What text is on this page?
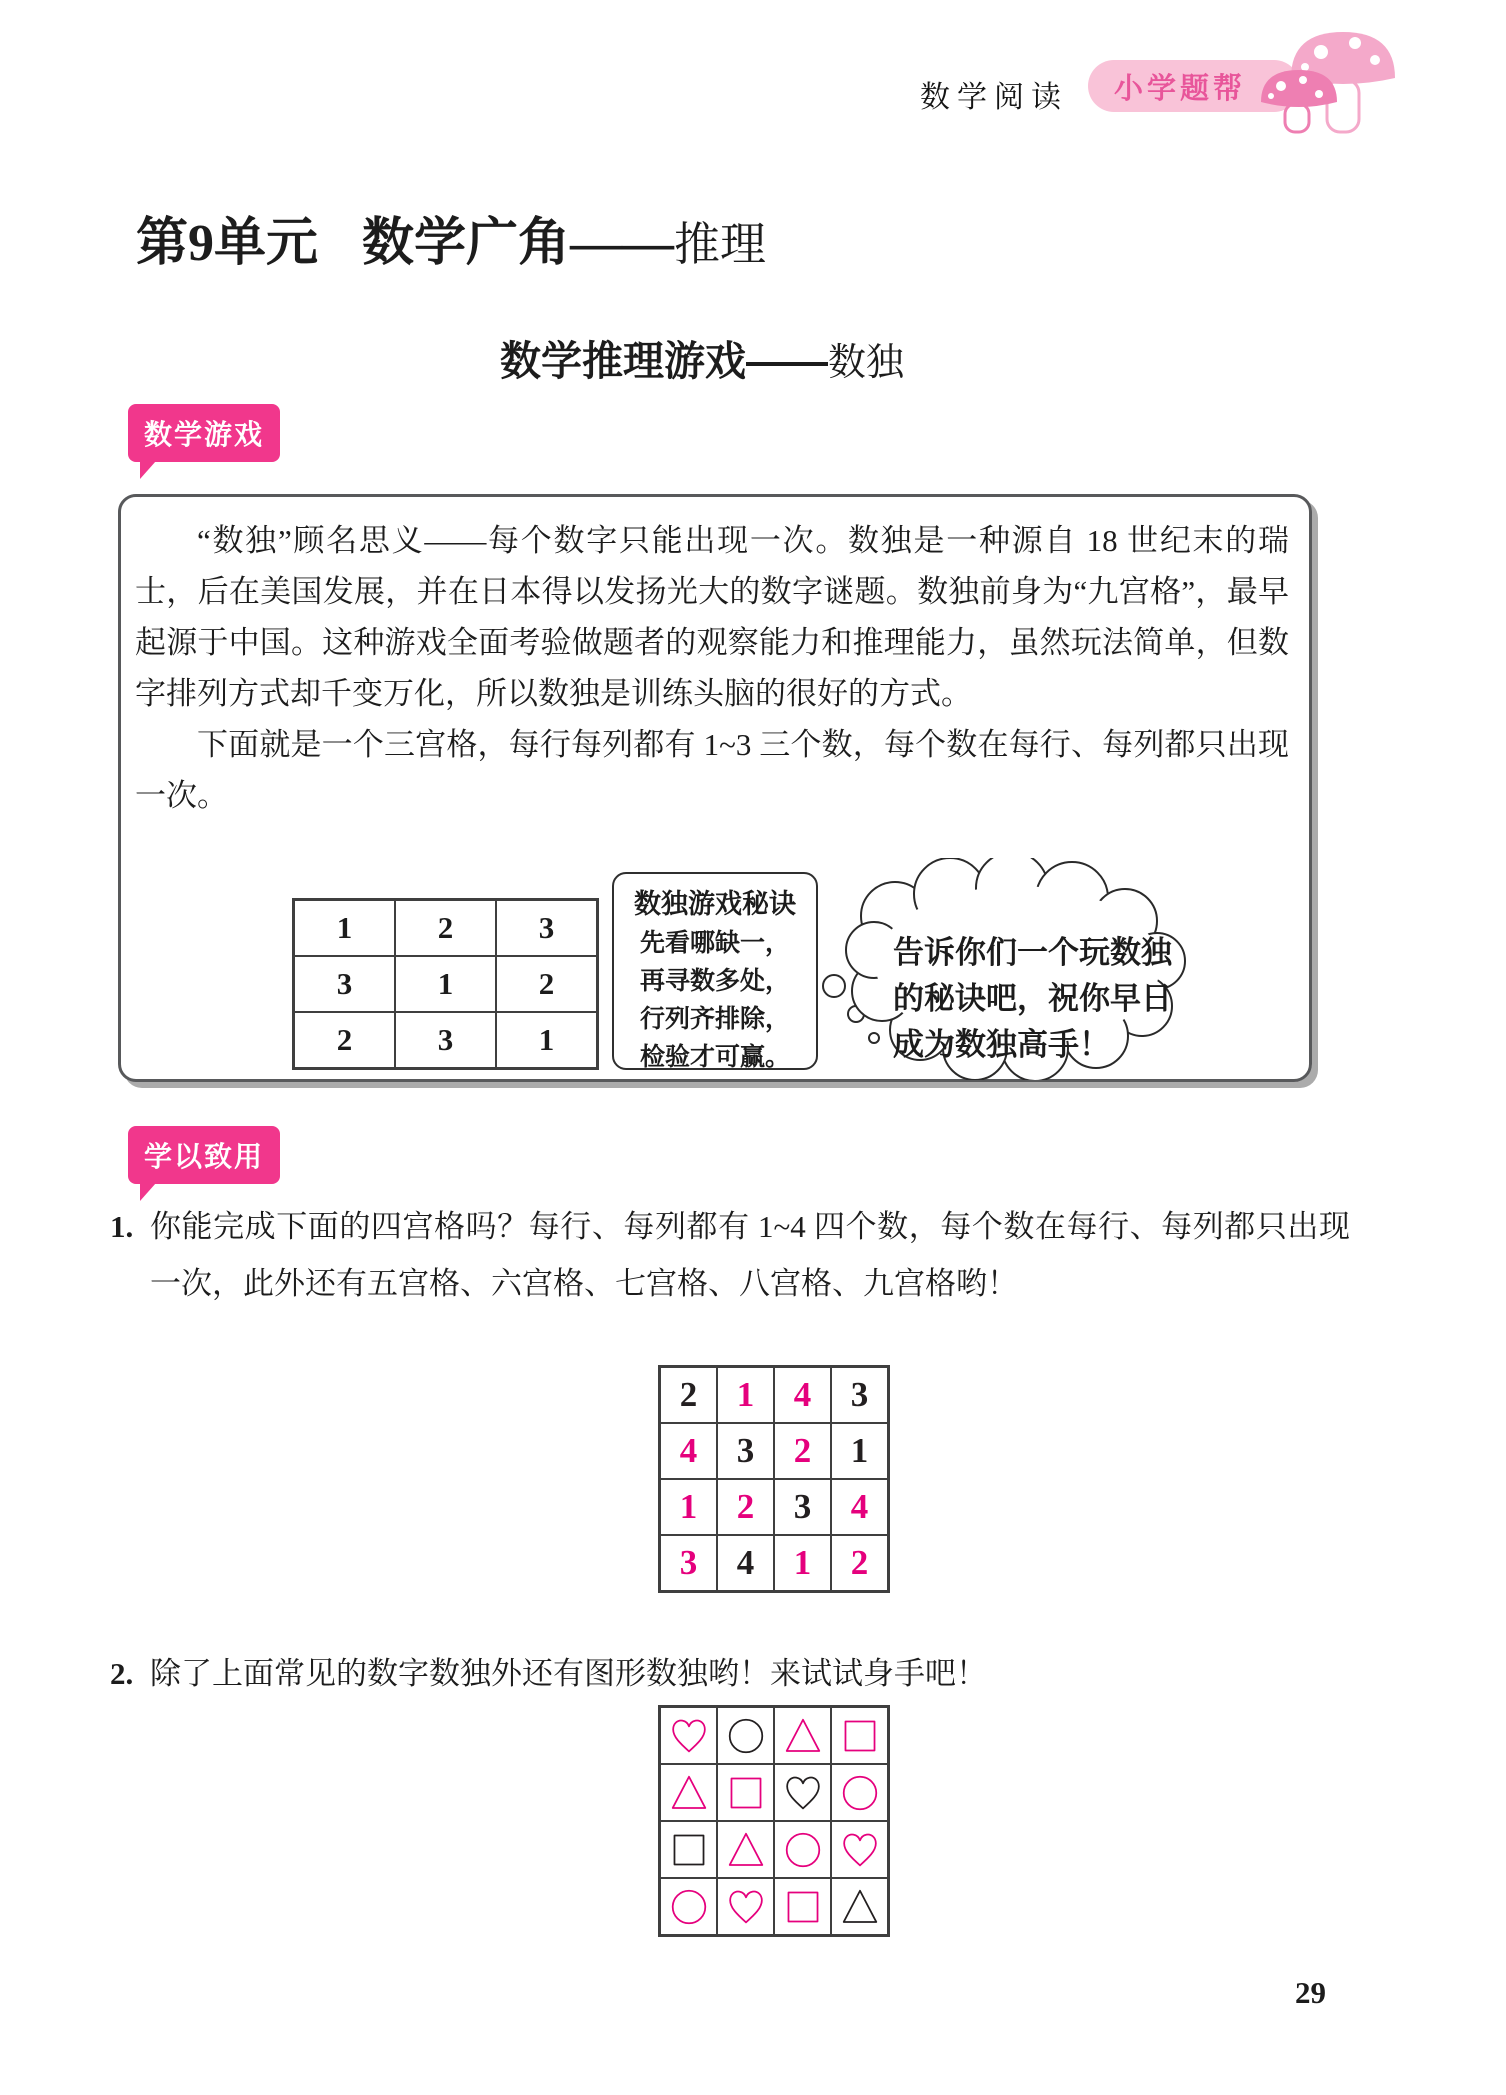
数学阅读 小学题帮
第9单元 数学广角——推理
数学推理游戏——数独
数学游戏

“数独”顾名思义——每个数字只能出现一次。数独是一种源自 18 世纪末的瑞士，后在美国发展，并在日本得以发扬光大的数字谜题。数独前身为“九宫格”，最早起源于中国。这种游戏全面考验做题者的观察能力和推理能力，虽然玩法简单，但数字排列方式却千变万化，所以数独是训练头脑的很好的方式。

下面就是一个三宫格，每行每列都有 1~3 三个数，每个数在每行、每列都只出现一次。

1	2	3
3	1	2
2	3	1
数独游戏秘诀
先看哪缺一，
再寻数多处，
行列齐排除，
检验才可赢。
告诉你们一个玩数独
的秘诀吧，祝你早日
成为数独高手！
学以致用
1. 你能完成下面的四宫格吗？每行、每列都有 1~4 四个数，每个数在每行、每列都只出现一次，此外还有五宫格、六宫格、七宫格、八宫格、九宫格哟！
2	1	4	3
4	3	2	1
1	2	3	4
3	4	1	2
2. 除了上面常见的数字数独外还有图形数独哟！来试试身手吧！
29
